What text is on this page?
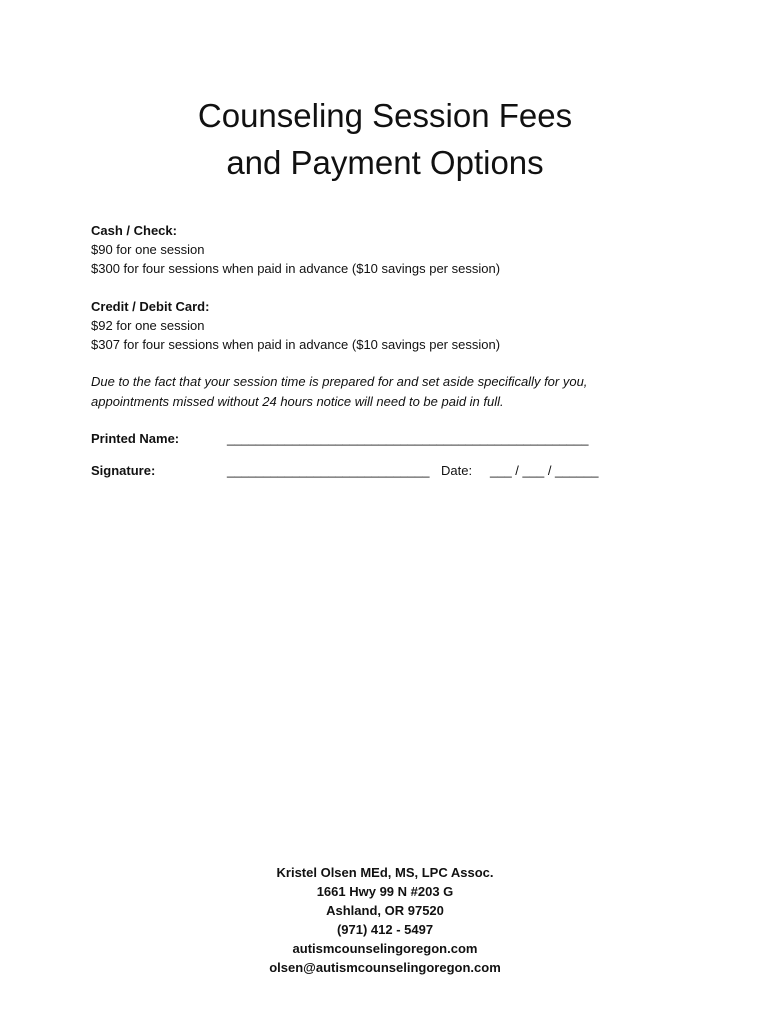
Counseling Session Fees
and Payment Options
Cash / Check:
$90 for one session
$300 for four sessions when paid in advance ($10 savings per session)
Credit / Debit Card:
$92 for one session
$307 for four sessions when paid in advance ($10 savings per session)
Due to the fact that your session time is prepared for and set aside specifically for you,
appointments missed without 24 hours notice will need to be paid in full.
Printed Name:	__________________________________________________
Signature:	____________________________ Date: ___ / ___ / ______
Kristel Olsen MEd, MS, LPC Assoc.
1661 Hwy 99 N #203 G
Ashland, OR 97520
(971) 412 - 5497
autismcounselingoregon.com
olsen@autismcounselingoregon.com
